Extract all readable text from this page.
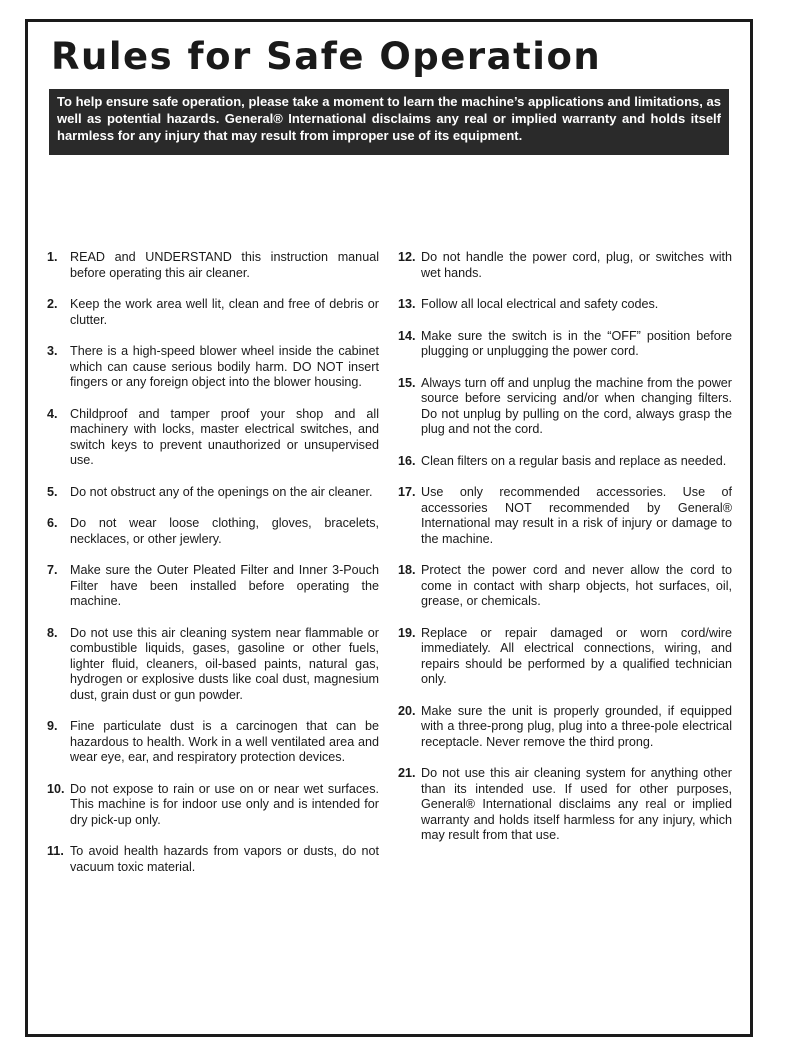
Rules for Safe Operation
To help ensure safe operation, please take a moment to learn the machine’s applications and limitations, as well as potential hazards. General® International disclaims any real or implied warranty and holds itself harmless for any injury that may result from improper use of its equipment.
1. READ and UNDERSTAND this instruction manual before operating this air cleaner.
2. Keep the work area well lit, clean and free of debris or clutter.
3. There is a high-speed blower wheel inside the cabinet which can cause serious bodily harm. DO NOT insert fingers or any foreign object into the blower housing.
4. Childproof and tamper proof your shop and all machinery with locks, master electrical switches, and switch keys to prevent unauthorized or unsupervised use.
5. Do not obstruct any of the openings on the air cleaner.
6. Do not wear loose clothing, gloves, bracelets, necklaces, or other jewlery.
7. Make sure the Outer Pleated Filter and Inner 3-Pouch Filter have been installed before operating the machine.
8. Do not use this air cleaning system near flammable or combustible liquids, gases, gasoline or other fuels, lighter fluid, cleaners, oil-based paints, natural gas, hydrogen or explosive dusts like coal dust, magnesium dust, grain dust or gun powder.
9. Fine particulate dust is a carcinogen that can be hazardous to health. Work in a well ventilated area and wear eye, ear, and respiratory protection devices.
10. Do not expose to rain or use on or near wet surfaces. This machine is for indoor use only and is intended for dry pick-up only.
11. To avoid health hazards from vapors or dusts, do not vacuum toxic material.
12. Do not handle the power cord, plug, or switches with wet hands.
13. Follow all local electrical and safety codes.
14. Make sure the switch is in the “OFF” position before plugging or unplugging the power cord.
15. Always turn off and unplug the machine from the power source before servicing and/or when changing filters. Do not unplug by pulling on the cord, always grasp the plug and not the cord.
16. Clean filters on a regular basis and replace as needed.
17. Use only recommended accessories. Use of accessories NOT recommended by General® International may result in a risk of injury or damage to the machine.
18. Protect the power cord and never allow the cord to come in contact with sharp objects, hot surfaces, oil, grease, or chemicals.
19. Replace or repair damaged or worn cord/wire immediately. All electrical connections, wiring, and repairs should be performed by a qualified technician only.
20. Make sure the unit is properly grounded, if equipped with a three-prong plug, plug into a three-pole electrical receptacle. Never remove the third prong.
21. Do not use this air cleaning system for anything other than its intended use. If used for other purposes, General® International disclaims any real or implied warranty and holds itself harmless for any injury, which may result from that use.
